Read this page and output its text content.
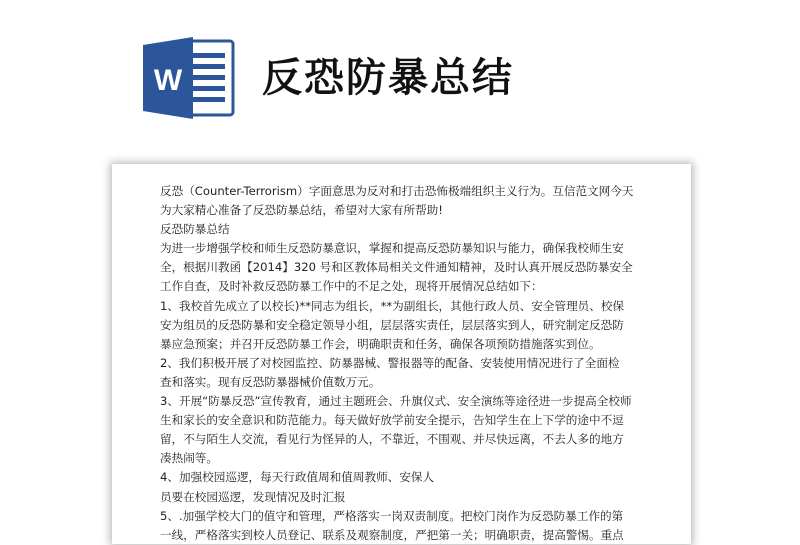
W 反恐防暴总结
反恐（Counter-Terrorism）字面意思为反对和打击恐怖极端组织主义行为。互信范文网今天
为大家精心准备了反恐防暴总结，希望对大家有所帮助!
反恐防暴总结
为进一步增强学校和师生反恐防暴意识，掌握和提高反恐防暴知识与能力，确保我校师生安
全，根据川教函【2014】320 号和区教体局相关文件通知精神，及时认真开展反恐防暴安全
工作自查，及时补救反恐防暴工作中的不足之处，现将开展情况总结如下：
1、我校首先成立了以校长)**同志为组长，**为副组长，其他行政人员、安全管理员、校保
安为组员的反恐防暴和安全稳定领导小组，层层落实责任，层层落实到人，研究制定反恐防
暴应急预案；并召开反恐防暴工作会，明确职责和任务，确保各项预防措施落实到位。
2、我们积极开展了对校园监控、防暴器械、警报器等的配备、安装使用情况进行了全面检
查和落实。现有反恐防暴器械价值数万元。
3、开展“防暴反恐”宣传教育，通过主题班会、升旗仪式、安全演练等途径进一步提高全校师
生和家长的安全意识和防范能力。每天做好放学前安全提示，告知学生在上下学的途中不逗
留，不与陌生人交流，看见行为怪异的人，不靠近，不围观、并尽快远离，不去人多的地方
凑热闹等。
4、加强校园巡逻，每天行政值周和值周教师、安保人
员要在校园巡逻，发现情况及时汇报
5、.加强学校大门的值守和管理，严格落实一岗双责制度。把校门岗作为反恐防暴工作的第
一线，严格落实到校人员登记、联系及观察制度，严把第一关；明确职责，提高警惕。重点
